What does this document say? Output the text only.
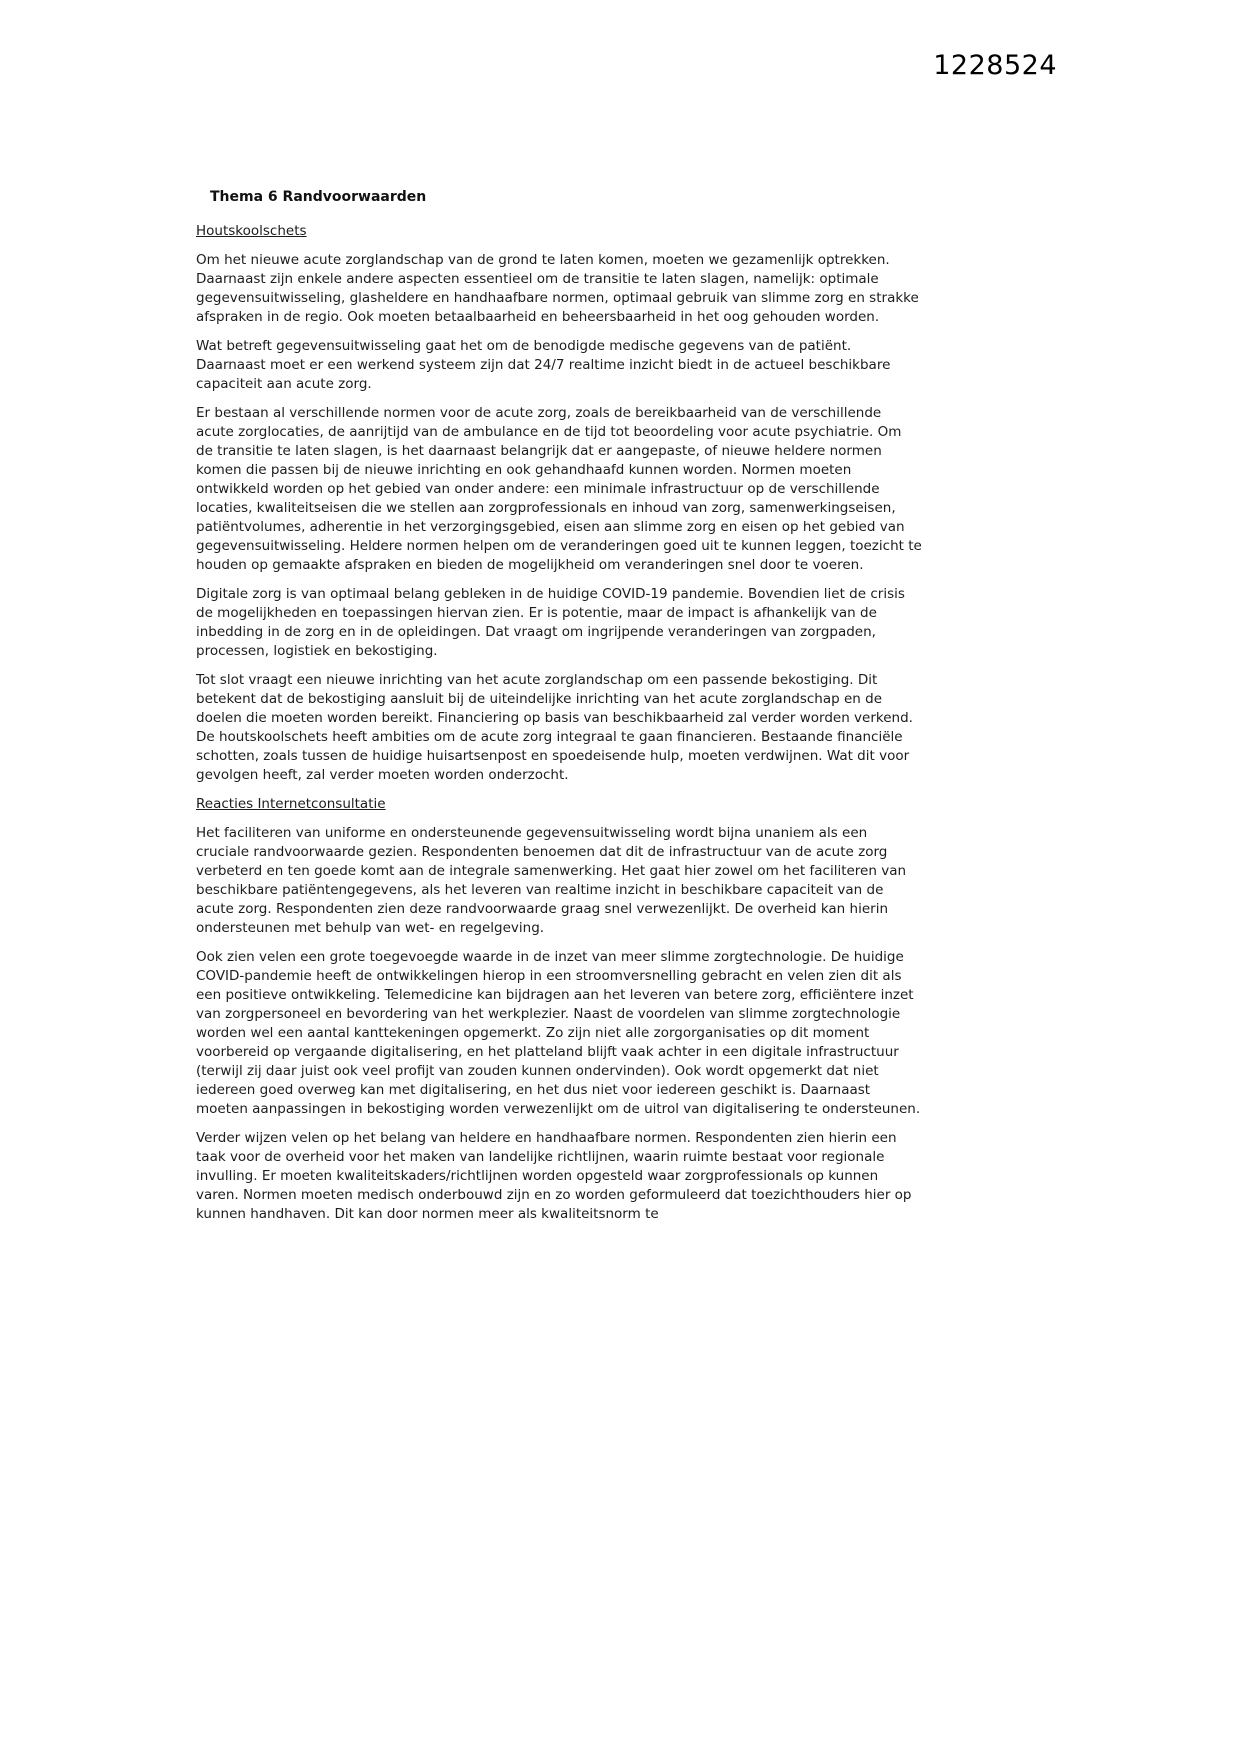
1228524
Thema 6 Randvoorwaarden
Houtskoolschets

Om het nieuwe acute zorglandschap van de grond te laten komen, moeten we gezamenlijk optrekken. Daarnaast zijn enkele andere aspecten essentieel om de transitie te laten slagen, namelijk: optimale gegevensuitwisseling, glasheldere en handhaafbare normen, optimaal gebruik van slimme zorg en strakke afspraken in de regio. Ook moeten betaalbaarheid en beheersbaarheid in het oog gehouden worden.

Wat betreft gegevensuitwisseling gaat het om de benodigde medische gegevens van de patiënt. Daarnaast moet er een werkend systeem zijn dat 24/7 realtime inzicht biedt in de actueel beschikbare capaciteit aan acute zorg.

Er bestaan al verschillende normen voor de acute zorg, zoals de bereikbaarheid van de verschillende acute zorglocaties, de aanrijtijd van de ambulance en de tijd tot beoordeling voor acute psychiatrie. Om de transitie te laten slagen, is het daarnaast belangrijk dat er aangepaste, of nieuwe heldere normen komen die passen bij de nieuwe inrichting en ook gehandhaafd kunnen worden. Normen moeten ontwikkeld worden op het gebied van onder andere: een minimale infrastructuur op de verschillende locaties, kwaliteitseisen die we stellen aan zorgprofessionals en inhoud van zorg, samenwerkingseisen, patiëntvolumes, adherentie in het verzorgingsgebied, eisen aan slimme zorg en eisen op het gebied van gegevensuitwisseling. Heldere normen helpen om de veranderingen goed uit te kunnen leggen, toezicht te houden op gemaakte afspraken en bieden de mogelijkheid om veranderingen snel door te voeren.

Digitale zorg is van optimaal belang gebleken in de huidige COVID-19 pandemie. Bovendien liet de crisis de mogelijkheden en toepassingen hiervan zien. Er is potentie, maar de impact is afhankelijk van de inbedding in de zorg en in de opleidingen. Dat vraagt om ingrijpende veranderingen van zorgpaden, processen, logistiek en bekostiging.

Tot slot vraagt een nieuwe inrichting van het acute zorglandschap om een passende bekostiging. Dit betekent dat de bekostiging aansluit bij de uiteindelijke inrichting van het acute zorglandschap en de doelen die moeten worden bereikt. Financiering op basis van beschikbaarheid zal verder worden verkend. De houtskoolschets heeft ambities om de acute zorg integraal te gaan financieren. Bestaande financiële schotten, zoals tussen de huidige huisartsenpost en spoedeisende hulp, moeten verdwijnen. Wat dit voor gevolgen heeft, zal verder moeten worden onderzocht.

Reacties Internetconsultatie

Het faciliteren van uniforme en ondersteunende gegevensuitwisseling wordt bijna unaniem als een cruciale randvoorwaarde gezien. Respondenten benoemen dat dit de infrastructuur van de acute zorg verbeterd en ten goede komt aan de integrale samenwerking. Het gaat hier zowel om het faciliteren van beschikbare patiëntengegevens, als het leveren van realtime inzicht in beschikbare capaciteit van de acute zorg. Respondenten zien deze randvoorwaarde graag snel verwezenlijkt. De overheid kan hierin ondersteunen met behulp van wet- en regelgeving.

Ook zien velen een grote toegevoegde waarde in de inzet van meer slimme zorgtechnologie. De huidige COVID-pandemie heeft de ontwikkelingen hierop in een stroomversnelling gebracht en velen zien dit als een positieve ontwikkeling. Telemedicine kan bijdragen aan het leveren van betere zorg, efficiëntere inzet van zorgpersoneel en bevordering van het werkplezier. Naast de voordelen van slimme zorgtechnologie worden wel een aantal kanttekeningen opgemerkt. Zo zijn niet alle zorgorganisaties op dit moment voorbereid op vergaande digitalisering, en het platteland blijft vaak achter in een digitale infrastructuur (terwijl zij daar juist ook veel profijt van zouden kunnen ondervinden). Ook wordt opgemerkt dat niet iedereen goed overweg kan met digitalisering, en het dus niet voor iedereen geschikt is. Daarnaast moeten aanpassingen in bekostiging worden verwezenlijkt om de uitrol van digitalisering te ondersteunen.

Verder wijzen velen op het belang van heldere en handhaafbare normen. Respondenten zien hierin een taak voor de overheid voor het maken van landelijke richtlijnen, waarin ruimte bestaat voor regionale invulling. Er moeten kwaliteitskaders/richtlijnen worden opgesteld waar zorgprofessionals op kunnen varen. Normen moeten medisch onderbouwd zijn en zo worden geformuleerd dat toezichthouders hier op kunnen handhaven. Dit kan door normen meer als kwaliteitsnorm te
